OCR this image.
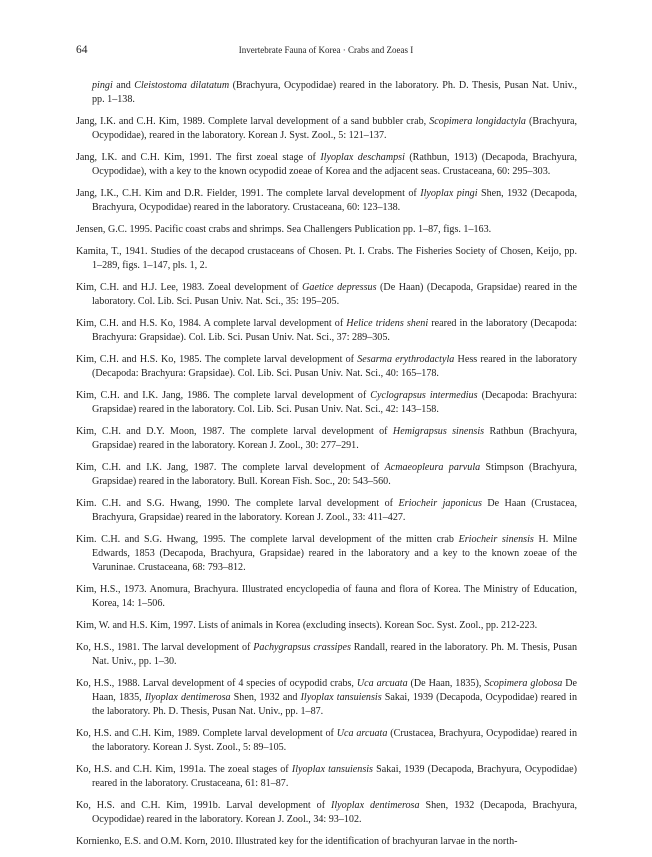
64	Invertebrate Fauna of Korea · Crabs and Zoeas I

pingi and Cleistostoma dilatatum (Brachyura, Ocypodidae) reared in the laboratory. Ph. D. Thesis, Pusan Nat. Univ., pp. 1–138.

Jang, I.K. and C.H. Kim, 1989. Complete larval development of a sand bubbler crab, Scopimera longidactyla (Brachyura, Ocypodidae), reared in the laboratory. Korean J. Syst. Zool., 5: 121–137.

Jang, I.K. and C.H. Kim, 1991. The first zoeal stage of Ilyoplax deschampsi (Rathbun, 1913) (Decapoda, Brachyura, Ocypodidae), with a key to the known ocypodid zoeae of Korea and the adjacent seas. Crustaceana, 60: 295–303.

Jang, I.K., C.H. Kim and D.R. Fielder, 1991. The complete larval development of Ilyoplax pingi Shen, 1932 (Decapoda, Brachyura, Ocypodidae) reared in the laboratory. Crustaceana, 60: 123–138.

Jensen, G.C. 1995. Pacific coast crabs and shrimps. Sea Challengers Publication pp. 1–87, figs. 1–163.

Kamita, T., 1941. Studies of the decapod crustaceans of Chosen. Pt. I. Crabs. The Fisheries Society of Chosen, Keijo, pp. 1–289, figs. 1–147, pls. 1, 2.

Kim, C.H. and H.J. Lee, 1983. Zoeal development of Gaetice depressus (De Haan) (Decapoda, Grapsidae) reared in the laboratory. Col. Lib. Sci. Pusan Univ. Nat. Sci., 35: 195–205.

Kim, C.H. and H.S. Ko, 1984. A complete larval development of Helice tridens sheni reared in the laboratory (Decapoda: Brachyura: Grapsidae). Col. Lib. Sci. Pusan Univ. Nat. Sci., 37: 289–305.

Kim, C.H. and H.S. Ko, 1985. The complete larval development of Sesarma erythrodactyla Hess reared in the laboratory (Decapoda: Brachyura: Grapsidae). Col. Lib. Sci. Pusan Univ. Nat. Sci., 40: 165–178.

Kim, C.H. and I.K. Jang, 1986. The complete larval development of Cyclograpsus intermedius (Decapoda: Brachyura: Grapsidae) reared in the laboratory. Col. Lib. Sci. Pusan Univ. Nat. Sci., 42: 143–158.

Kim, C.H. and D.Y. Moon, 1987. The complete larval development of Hemigrapsus sinensis Rathbun (Brachyura, Grapsidae) reared in the laboratory. Korean J. Zool., 30: 277–291.

Kim, C.H. and I.K. Jang, 1987. The complete larval development of Acmaeopleura parvula Stimpson (Brachyura, Grapsidae) reared in the laboratory. Bull. Korean Fish. Soc., 20: 543–560.

Kim. C.H. and S.G. Hwang, 1990. The complete larval development of Eriocheir japonicus De Haan (Crustacea, Brachyura, Grapsidae) reared in the laboratory. Korean J. Zool., 33: 411–427.

Kim. C.H. and S.G. Hwang, 1995. The complete larval development of the mitten crab Eriocheir sinensis H. Milne Edwards, 1853 (Decapoda, Brachyura, Grapsidae) reared in the laboratory and a key to the known zoeae of the Varuninae. Crustaceana, 68: 793–812.

Kim, H.S., 1973. Anomura, Brachyura. Illustrated encyclopedia of fauna and flora of Korea. The Ministry of Education, Korea, 14: 1–506.

Kim, W. and H.S. Kim, 1997. Lists of animals in Korea (excluding insects). Korean Soc. Syst. Zool., pp. 212-223.

Ko, H.S., 1981. The larval development of Pachygrapsus crassipes Randall, reared in the laboratory. Ph. M. Thesis, Pusan Nat. Univ., pp. 1–30.

Ko, H.S., 1988. Larval development of 4 species of ocypodid crabs, Uca arcuata (De Haan, 1835), Scopimera globosa De Haan, 1835, Ilyoplax dentimerosa Shen, 1932 and Ilyoplax tansuiensis Sakai, 1939 (Decapoda, Ocypodidae) reared in the laboratory. Ph. D. Thesis, Pusan Nat. Univ., pp. 1–87.

Ko, H.S. and C.H. Kim, 1989. Complete larval development of Uca arcuata (Crustacea, Brachyura, Ocypodidae) reared in the laboratory. Korean J. Syst. Zool., 5: 89–105.

Ko, H.S. and C.H. Kim, 1991a. The zoeal stages of Ilyoplax tansuiensis Sakai, 1939 (Decapoda, Brachyura, Ocypodidae) reared in the laboratory. Crustaceana, 61: 81–87.

Ko, H.S. and C.H. Kim, 1991b. Larval development of Ilyoplax dentimerosa Shen, 1932 (Decapoda, Brachyura, Ocypodidae) reared in the laboratory. Korean J. Zool., 34: 93–102.

Kornienko, E.S. and O.M. Korn, 2010. Illustrated key for the identification of brachyuran larvae in the north-
